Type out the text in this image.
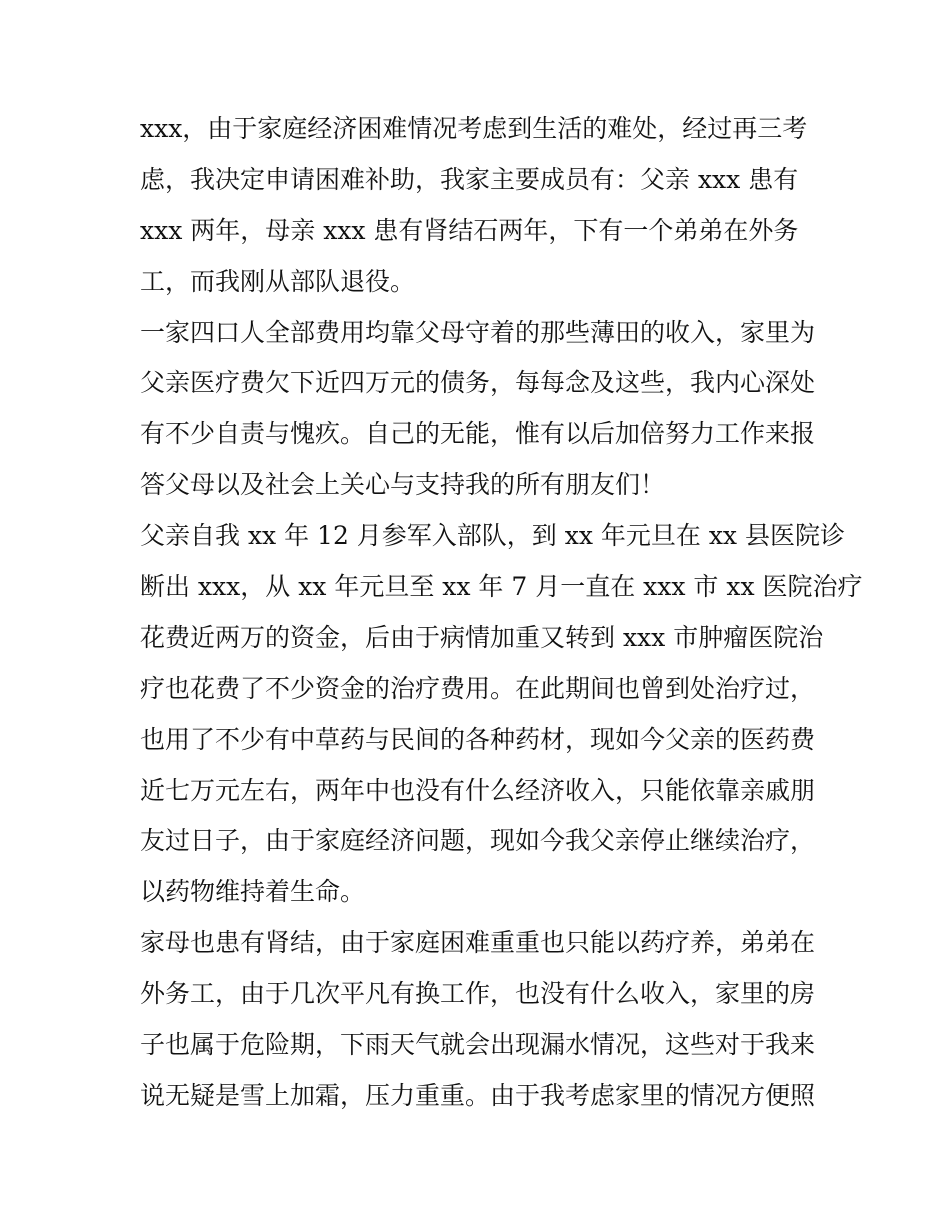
xxx，由于家庭经济困难情况考虑到生活的难处，经过再三考
虑，我决定申请困难补助，我家主要成员有：父亲 xxx 患有
xxx 两年，母亲 xxx 患有肾结石两年，下有一个弟弟在外务
工，而我刚从部队退役。
一家四口人全部费用均靠父母守着的那些薄田的收入，家里为
父亲医疗费欠下近四万元的债务，每每念及这些，我内心深处
有不少自责与愧疚。自己的无能，惟有以后加倍努力工作来报
答父母以及社会上关心与支持我的所有朋友们！
父亲自我 xx 年 12 月参军入部队，到 xx 年元旦在 xx 县医院诊
断出 xxx，从 xx 年元旦至 xx 年 7 月一直在 xxx 市 xx 医院治疗
花费近两万的资金，后由于病情加重又转到 xxx 市肿瘤医院治
疗也花费了不少资金的治疗费用。在此期间也曾到处治疗过，
也用了不少有中草药与民间的各种药材，现如今父亲的医药费
近七万元左右，两年中也没有什么经济收入，只能依靠亲戚朋
友过日子，由于家庭经济问题，现如今我父亲停止继续治疗，
以药物维持着生命。
家母也患有肾结，由于家庭困难重重也只能以药疗养，弟弟在
外务工，由于几次平凡有换工作，也没有什么收入，家里的房
子也属于危险期，下雨天气就会出现漏水情况，这些对于我来
说无疑是雪上加霜，压力重重。由于我考虑家里的情况方便照
